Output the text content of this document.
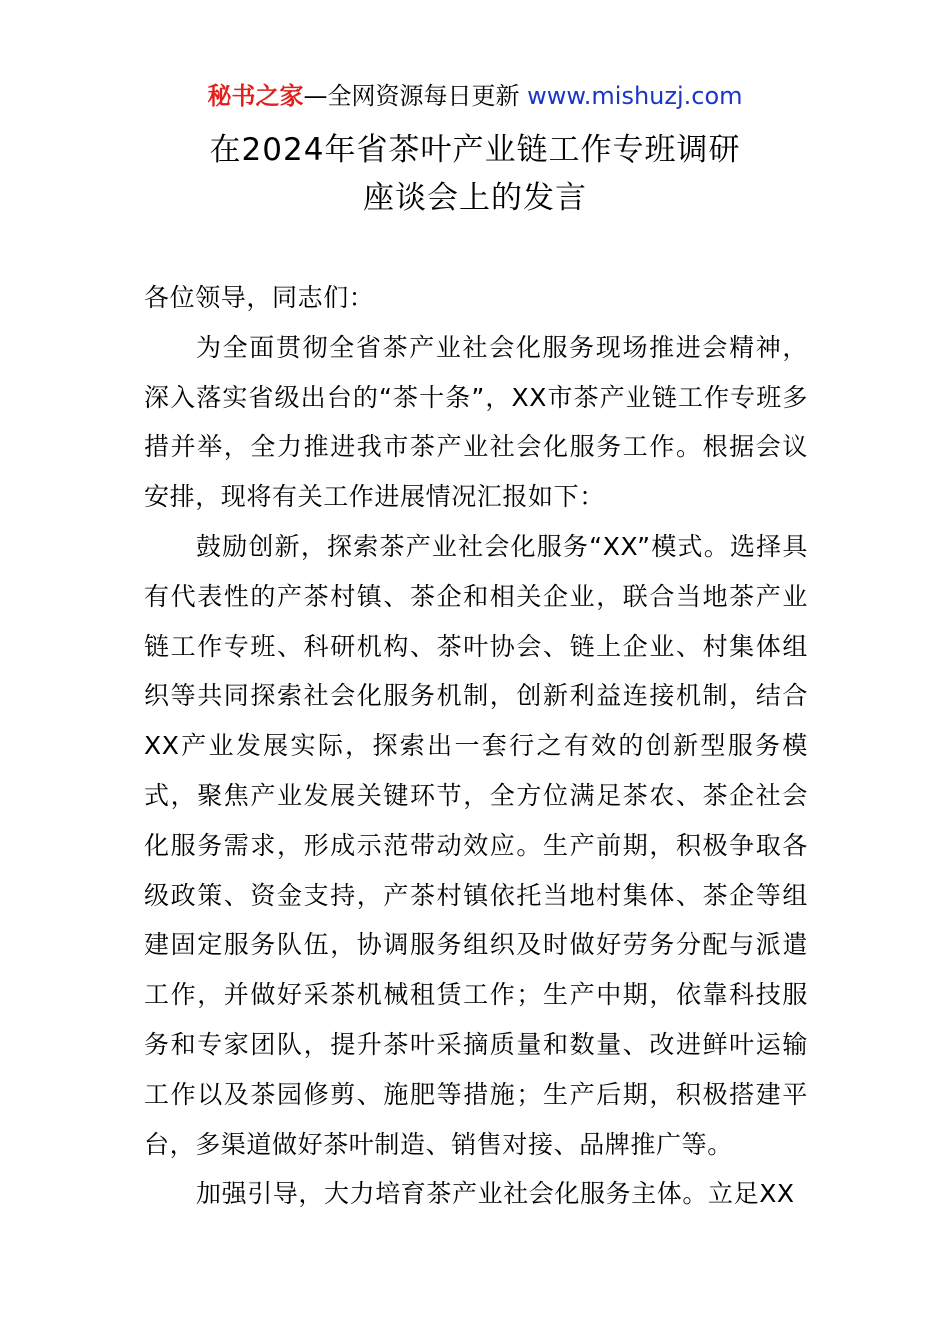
秘书之家—全网资源每日更新 www.mishuzj.com
在2024年省茶叶产业链工作专班调研
座谈会上的发言

各位领导，同志们：

为全面贯彻全省茶产业社会化服务现场推进会精神，深入落实省级出台的“茶十条”，XX市茶产业链工作专班多措并举，全力推进我市茶产业社会化服务工作。根据会议安排，现将有关工作进展情况汇报如下：

鼓励创新，探索茶产业社会化服务“XX”模式。选择具有代表性的产茶村镇、茶企和相关企业，联合当地茶产业链工作专班、科研机构、茶叶协会、链上企业、村集体组织等共同探索社会化服务机制，创新利益连接机制，结合XX产业发展实际，探索出一套行之有效的创新型服务模式，聚焦产业发展关键环节，全方位满足茶农、茶企社会化服务需求，形成示范带动效应。生产前期，积极争取各级政策、资金支持，产茶村镇依托当地村集体、茶企等组建固定服务队伍，协调服务组织及时做好劳务分配与派遣工作，并做好采茶机械租赁工作；生产中期，依靠科技服务和专家团队，提升茶叶采摘质量和数量、改进鲜叶运输工作以及茶园修剪、施肥等措施；生产后期，积极搭建平台，多渠道做好茶叶制造、销售对接、品牌推广等。

加强引导，大力培育茶产业社会化服务主体。立足XX
